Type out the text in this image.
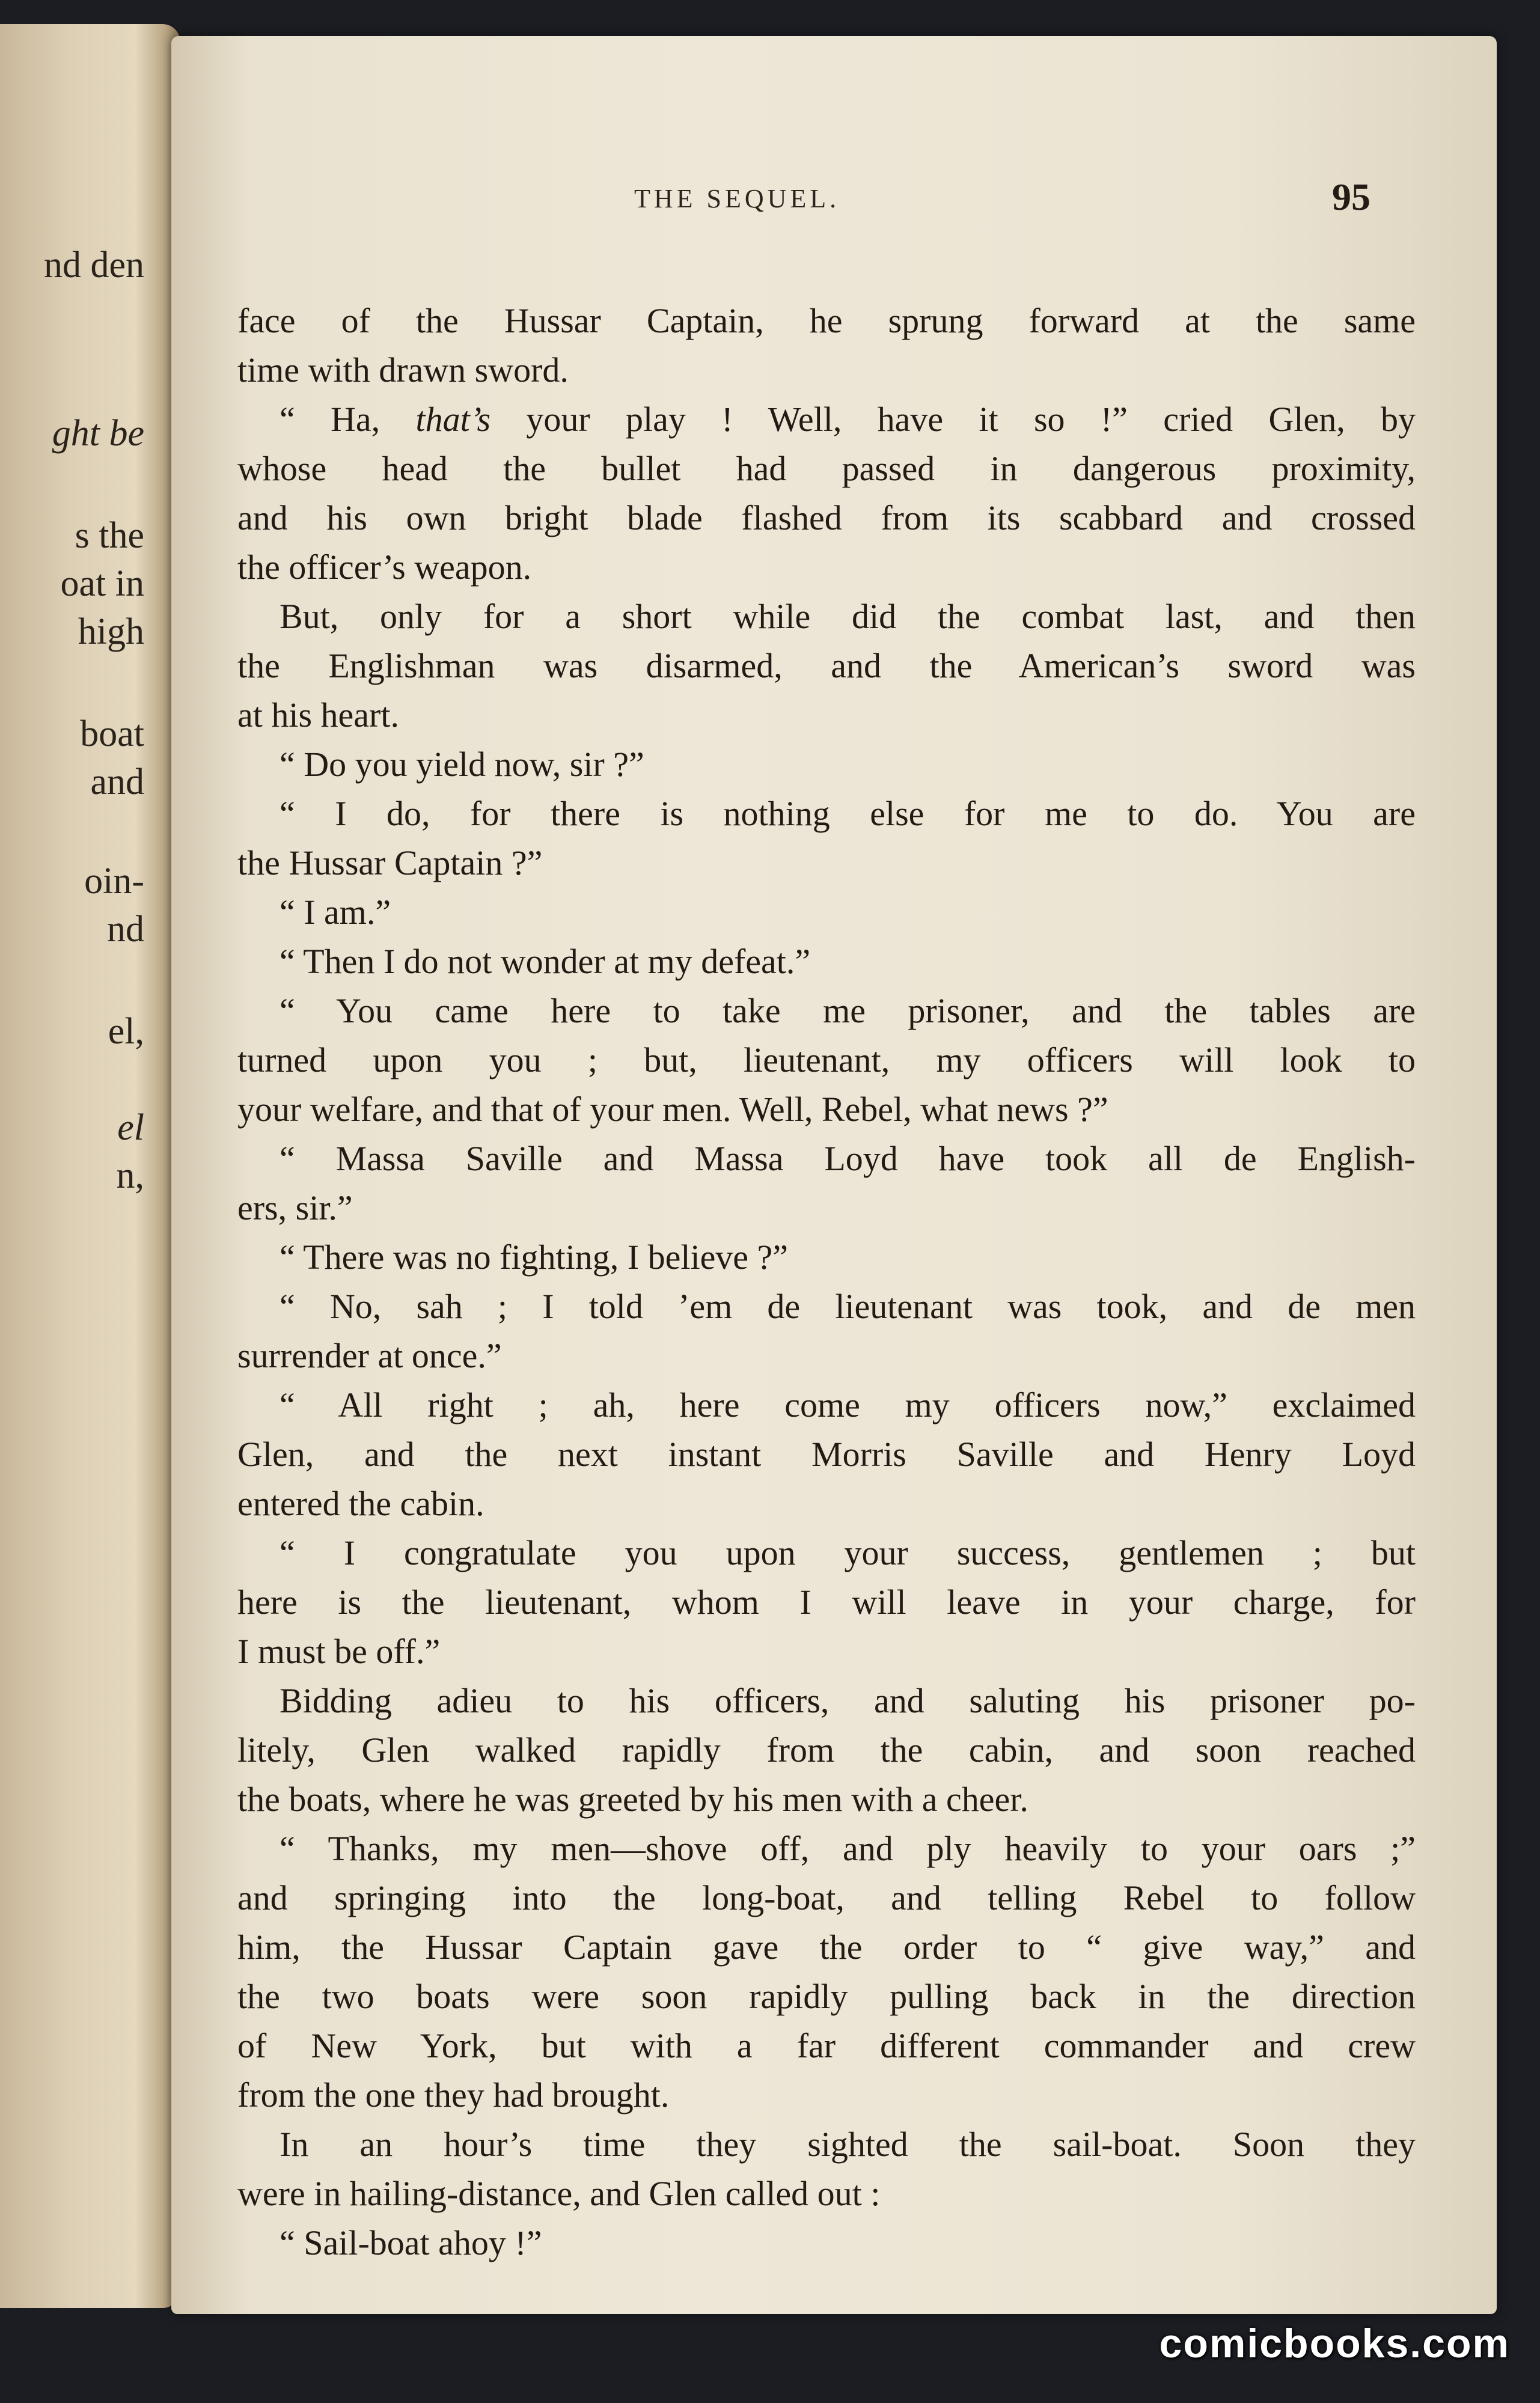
nd den
ght be
s the
oat in
high
boat
and
oin-
nd
el,
el
n,
THE SEQUEL.	95
face of the Hussar Captain, he sprung forward at the same
time with drawn sword.
“ Ha, that’s your play ! Well, have it so !” cried Glen, by
whose head the bullet had passed in dangerous proximity,
and his own bright blade flashed from its scabbard and crossed
the officer’s weapon.
But, only for a short while did the combat last, and then
the Englishman was disarmed, and the American’s sword was
at his heart.
“ Do you yield now, sir ?”
“ I do, for there is nothing else for me to do. You are
the Hussar Captain ?”
“ I am.”
“ Then I do not wonder at my defeat.”
“ You came here to take me prisoner, and the tables are
turned upon you ; but, lieutenant, my officers will look to
your welfare, and that of your men. Well, Rebel, what news ?”
“ Massa Saville and Massa Loyd have took all de English-
ers, sir.”
“ There was no fighting, I believe ?”
“ No, sah ; I told ’em de lieutenant was took, and de men
surrender at once.”
“ All right ; ah, here come my officers now,” exclaimed
Glen, and the next instant Morris Saville and Henry Loyd
entered the cabin.
“ I congratulate you upon your success, gentlemen ; but
here is the lieutenant, whom I will leave in your charge, for
I must be off.”
Bidding adieu to his officers, and saluting his prisoner po-
litely, Glen walked rapidly from the cabin, and soon reached
the boats, where he was greeted by his men with a cheer.
“ Thanks, my men—shove off, and ply heavily to your oars ;”
and springing into the long-boat, and telling Rebel to follow
him, the Hussar Captain gave the order to “ give way,” and
the two boats were soon rapidly pulling back in the direction
of New York, but with a far different commander and crew
from the one they had brought.
In an hour’s time they sighted the sail-boat. Soon they
were in hailing-distance, and Glen called out :
“ Sail-boat ahoy !”
comicbooks.com
